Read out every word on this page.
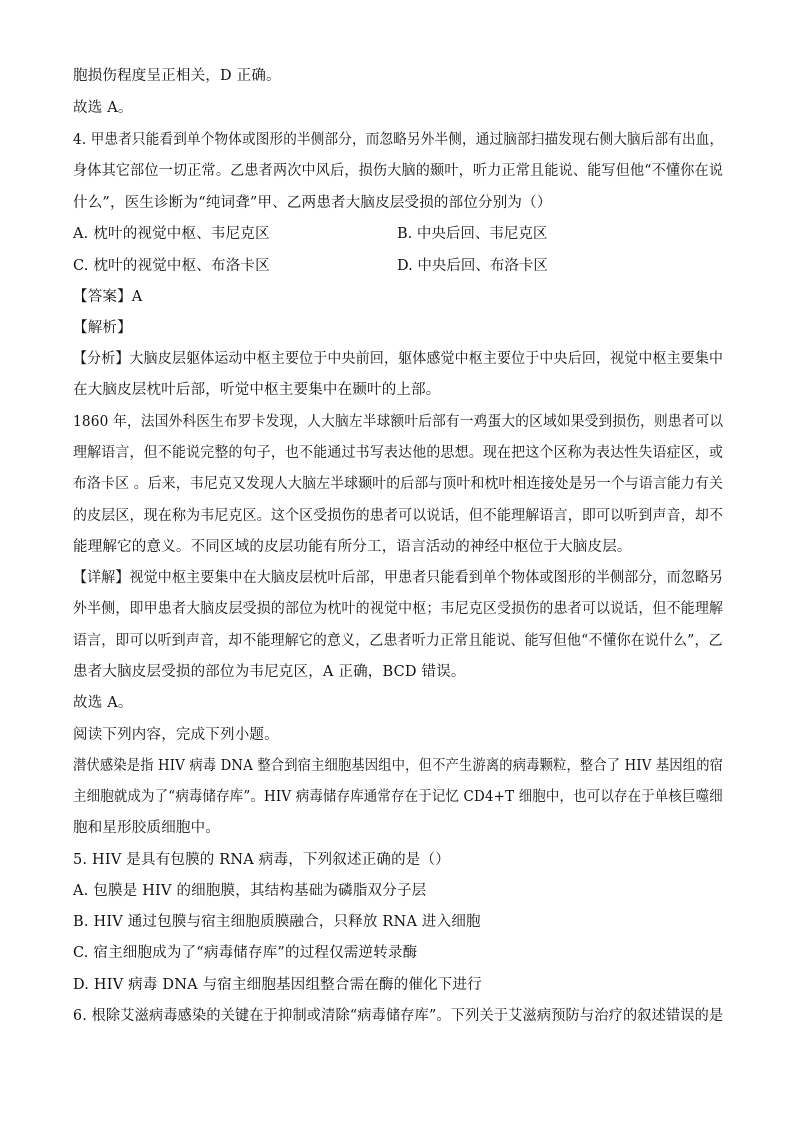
胞损伤程度呈正相关，D 正确。
故选 A。
4. 甲患者只能看到单个物体或图形的半侧部分，而忽略另外半侧，通过脑部扫描发现右侧大脑后部有出血，
身体其它部位一切正常。乙患者两次中风后，损伤大脑的颞叶，听力正常且能说、能写但他“不懂你在说
什么”，医生诊断为“纯词聋”甲、乙两患者大脑皮层受损的部位分别为（）
A. 枕叶的视觉中枢、韦尼克区	B. 中央后回、韦尼克区
C. 枕叶的视觉中枢、布洛卡区	D. 中央后回、布洛卡区
【答案】A
【解析】
【分析】大脑皮层躯体运动中枢主要位于中央前回，躯体感觉中枢主要位于中央后回，视觉中枢主要集中
在大脑皮层枕叶后部，听觉中枢主要集中在颞叶的上部。
1860 年，法国外科医生布罗卡发现，人大脑左半球额叶后部有一鸡蛋大的区域如果受到损伤，则患者可以
理解语言，但不能说完整的句子，也不能通过书写表达他的思想。现在把这个区称为表达性失语症区，或
布洛卡区 。后来，韦尼克又发现人大脑左半球颞叶的后部与顶叶和枕叶相连接处是另一个与语言能力有关
的皮层区，现在称为韦尼克区。这个区受损伤的患者可以说话，但不能理解语言，即可以听到声音，却不
能理解它的意义。不同区域的皮层功能有所分工，语言活动的神经中枢位于大脑皮层。
【详解】视觉中枢主要集中在大脑皮层枕叶后部，甲患者只能看到单个物体或图形的半侧部分，而忽略另
外半侧，即甲患者大脑皮层受损的部位为枕叶的视觉中枢；韦尼克区受损伤的患者可以说话，但不能理解
语言，即可以听到声音，却不能理解它的意义，乙患者听力正常且能说、能写但他“不懂你在说什么”，乙
患者大脑皮层受损的部位为韦尼克区，A 正确，BCD 错误。
故选 A。
阅读下列内容，完成下列小题。
潜伏感染是指 HIV 病毒 DNA 整合到宿主细胞基因组中，但不产生游离的病毒颗粒，整合了 HIV 基因组的宿
主细胞就成为了“病毒储存库”。HIV 病毒储存库通常存在于记忆 CD4+T 细胞中，也可以存在于单核巨噬细
胞和星形胶质细胞中。
5. HIV 是具有包膜的 RNA 病毒，下列叙述正确的是（）
A. 包膜是 HIV 的细胞膜，其结构基础为磷脂双分子层
B. HIV 通过包膜与宿主细胞质膜融合，只释放 RNA 进入细胞
C. 宿主细胞成为了“病毒储存库”的过程仅需逆转录酶
D. HIV 病毒 DNA 与宿主细胞基因组整合需在酶的催化下进行
6. 根除艾滋病毒感染的关键在于抑制或清除“病毒储存库”。下列关于艾滋病预防与治疗的叙述错误的是
